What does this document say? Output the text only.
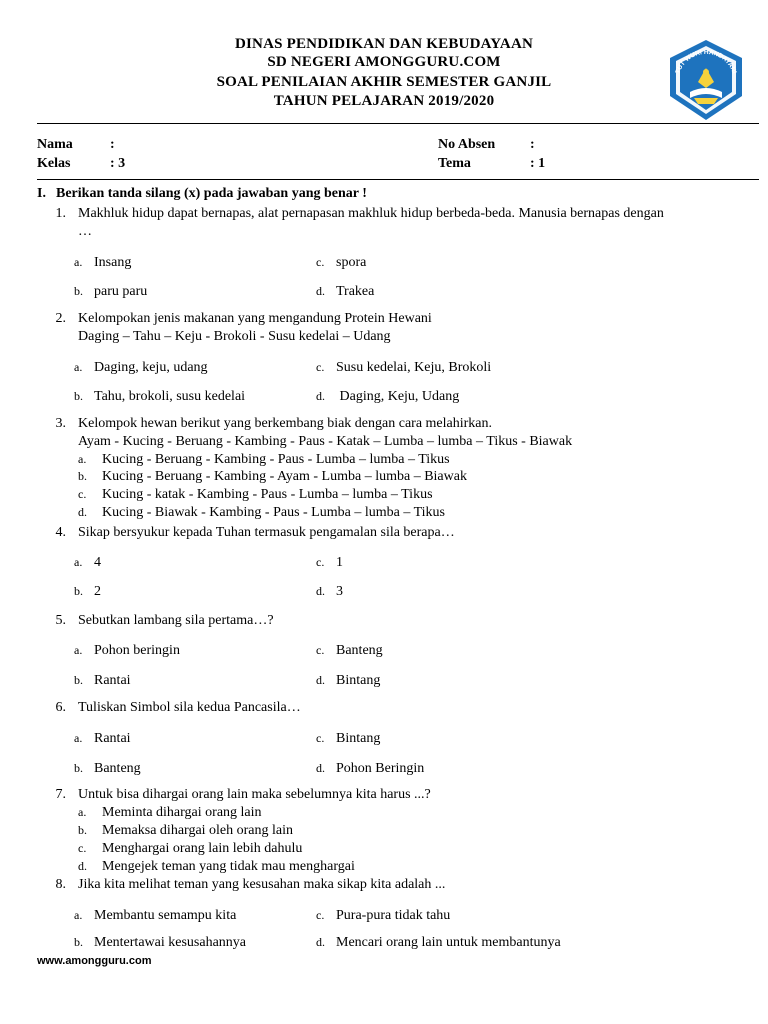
DINAS PENDIDIKAN DAN KEBUDAYAAN
SD NEGERI AMONGGURU.COM
SOAL PENILAIAN AKHIR SEMESTER GANJIL
TAHUN PELAJARAN 2019/2020
TUT WURI HANDAYANI
Nama	:
Kelas	: 3
No Absen :
Tema	: 1
I. Berikan tanda silang (x) pada jawaban yang benar !
1. Makhluk hidup dapat bernapas, alat pernapasan makhluk hidup berbeda-beda. Manusia bernapas dengan
…
a. Insang	c. spora
b. paru paru	d. Trakea
2. Kelompokan jenis makanan yang mengandung Protein Hewani
Daging – Tahu – Keju - Brokoli - Susu kedelai – Udang
a. Daging, keju, udang	c. Susu kedelai, Keju, Brokoli
b. Tahu, brokoli, susu kedelai	d. Daging, Keju, Udang
3. Kelompok hewan berikut yang berkembang biak dengan cara melahirkan.
Ayam - Kucing - Beruang - Kambing - Paus - Katak – Lumba – lumba – Tikus - Biawak
a. Kucing - Beruang - Kambing - Paus - Lumba – lumba – Tikus
b. Kucing - Beruang - Kambing - Ayam - Lumba – lumba – Biawak
c. Kucing - katak - Kambing - Paus - Lumba – lumba – Tikus
d. Kucing - Biawak - Kambing - Paus - Lumba – lumba – Tikus
4. Sikap bersyukur kepada Tuhan termasuk pengamalan sila berapa…
a. 4	c. 1
b. 2	d. 3
5. Sebutkan lambang sila pertama…?
a. Pohon beringin	c. Banteng
b. Rantai	d. Bintang
6. Tuliskan Simbol sila kedua Pancasila…
a. Rantai	c. Bintang
b. Banteng	d. Pohon Beringin
7. Untuk bisa dihargai orang lain maka sebelumnya kita harus ...?
a. Meminta dihargai orang lain
b. Memaksa dihargai oleh orang lain
c. Menghargai orang lain lebih dahulu
d. Mengejek teman yang tidak mau menghargai
8. Jika kita melihat teman yang kesusahan maka sikap kita adalah ...
a. Membantu semampu kita	c. Pura-pura tidak tahu
b. Mentertawai kesusahannya	d. Mencari orang lain untuk membantunya
www.amongguru.com
